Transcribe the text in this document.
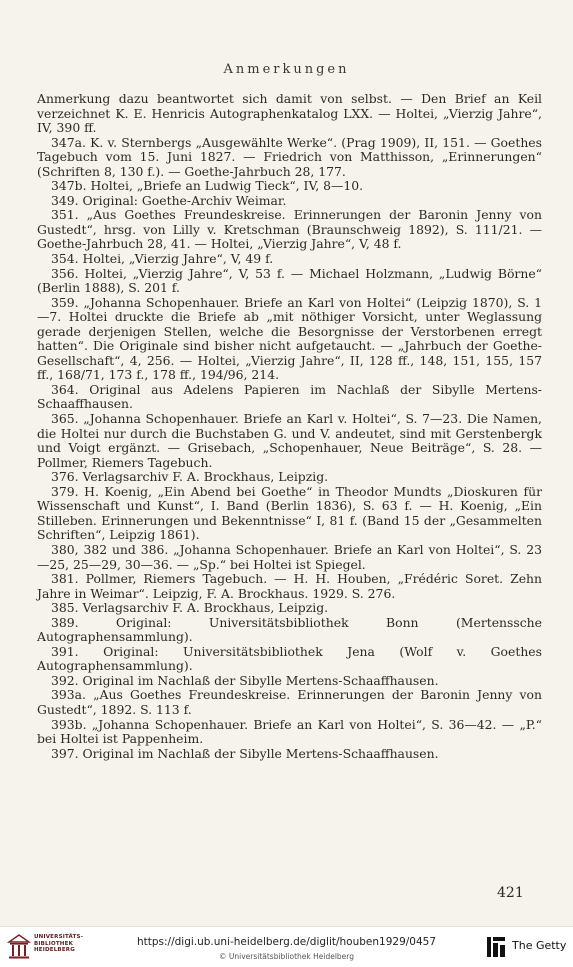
Anmerkungen

Anmerkung dazu beantwortet sich damit von selbst. — Den Brief an Keil verzeichnet K. E. Henricis Autographenkatalog LXX. — Holtei, „Vierzig Jahre“, IV, 390 ff.

347a. K. v. Sternbergs „Ausgewählte Werke“. (Prag 1909), II, 151. — Goethes Tagebuch vom 15. Juni 1827. — Friedrich von Matthisson, „Erinnerungen“ (Schriften 8, 130 f.). — Goethe-Jahrbuch 28, 177.

347b. Holtei, „Briefe an Ludwig Tieck“, IV, 8—10.

349. Original: Goethe-Archiv Weimar.

351. „Aus Goethes Freundeskreise. Erinnerungen der Baronin Jenny von Gustedt“, hrsg. von Lilly v. Kretschman (Braunschweig 1892), S. 111/21. — Goethe-Jahrbuch 28, 41. — Holtei, „Vierzig Jahre“, V, 48 f.

354. Holtei, „Vierzig Jahre“, V, 49 f.

356. Holtei, „Vierzig Jahre“, V, 53 f. — Michael Holzmann, „Ludwig Börne“ (Berlin 1888), S. 201 f.

359. „Johanna Schopenhauer. Briefe an Karl von Holtei“ (Leipzig 1870), S. 1—7. Holtei druckte die Briefe ab „mit nöthiger Vorsicht, unter Weglassung gerade derjenigen Stellen, welche die Besorgnisse der Verstorbenen erregt hatten“. Die Originale sind bisher nicht aufgetaucht. — „Jahrbuch der Goethe-Gesellschaft“, 4, 256. — Holtei, „Vierzig Jahre“, II, 128 ff., 148, 151, 155, 157 ff., 168/71, 173 f., 178 ff., 194/96, 214.

364. Original aus Adelens Papieren im Nachlaß der Sibylle Mertens-Schaaffhausen.

365. „Johanna Schopenhauer. Briefe an Karl v. Holtei“, S. 7—23. Die Namen, die Holtei nur durch die Buchstaben G. und V. andeutet, sind mit Gerstenbergk und Voigt ergänzt. — Grisebach, „Schopenhauer, Neue Beiträge“, S. 28. — Pollmer, Riemers Tagebuch.

376. Verlagsarchiv F. A. Brockhaus, Leipzig.

379. H. Koenig, „Ein Abend bei Goethe“ in Theodor Mundts „Dioskuren für Wissenschaft und Kunst“, I. Band (Berlin 1836), S. 63 f. — H. Koenig, „Ein Stilleben. Erinnerungen und Bekenntnisse“ I, 81 f. (Band 15 der „Gesammelten Schriften“, Leipzig 1861).

380, 382 und 386. „Johanna Schopenhauer. Briefe an Karl von Holtei“, S. 23—25, 25—29, 30—36. — „Sp.“ bei Holtei ist Spiegel.

381. Pollmer, Riemers Tagebuch. — H. H. Houben, „Frédéric Soret. Zehn Jahre in Weimar“. Leipzig, F. A. Brockhaus. 1929. S. 276.

385. Verlagsarchiv F. A. Brockhaus, Leipzig.

389. Original: Universitätsbibliothek Bonn (Mertenssche Autographensammlung).

391. Original: Universitätsbibliothek Jena (Wolf v. Goethes Autographensammlung).

392. Original im Nachlaß der Sibylle Mertens-Schaaffhausen.

393a. „Aus Goethes Freundeskreise. Erinnerungen der Baronin Jenny von Gustedt“, 1892. S. 113 f.

393b. „Johanna Schopenhauer. Briefe an Karl von Holtei“, S. 36—42. — „P.“ bei Holtei ist Pappenheim.

397. Original im Nachlaß der Sibylle Mertens-Schaaffhausen.

421
UNIVERSITÄTS-
BIBLIOTHEK
HEIDELBERG
https://digi.ub.uni-heidelberg.de/diglit/houben1929/0457
© Universitätsbibliothek Heidelberg
The Getty
